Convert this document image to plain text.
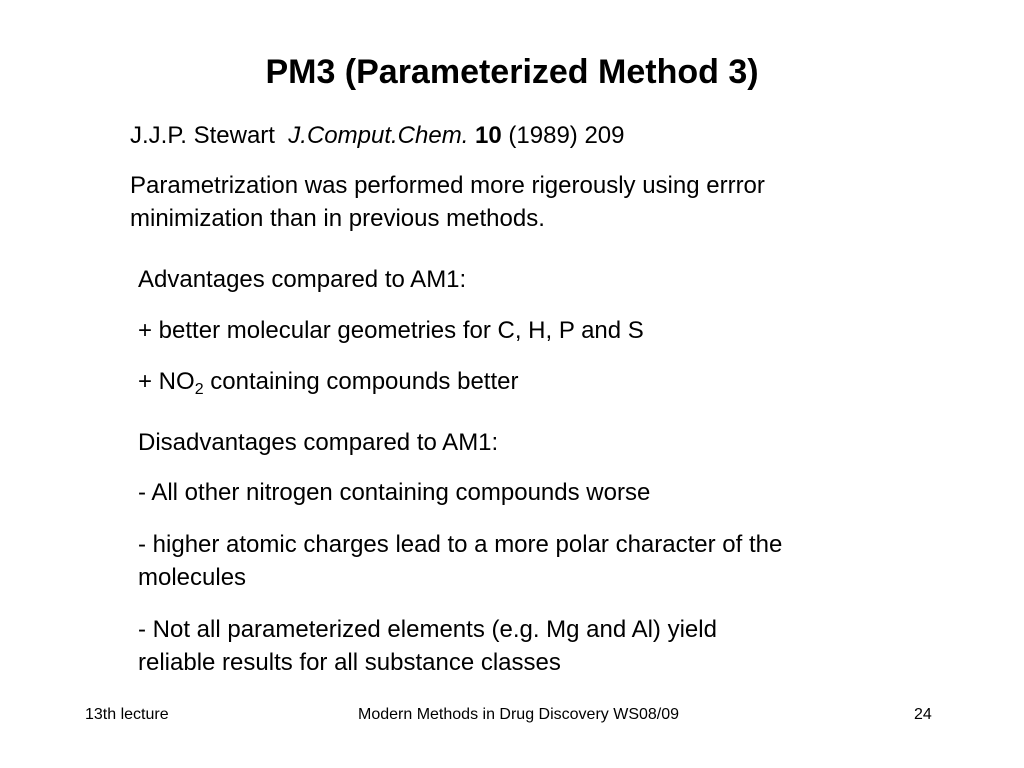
PM3 (Parameterized Method 3)
J.J.P. Stewart J.Comput.Chem. 10 (1989) 209
Parametrization was performed more rigerously using errror
minimization than in previous methods.
Advantages compared to AM1:
+ better molecular geometries for C, H, P and S
+ $NO_2$ containing compounds better
Disadvantages compared to AM1:
- All other nitrogen containing compounds worse
- higher atomic charges lead to a more polar character of the
molecules
- Not all parameterized elements (e.g. Mg and Al) yield
reliable results for all substance classes
13th lecture	Modern Methods in Drug Discovery WS08/09	24
